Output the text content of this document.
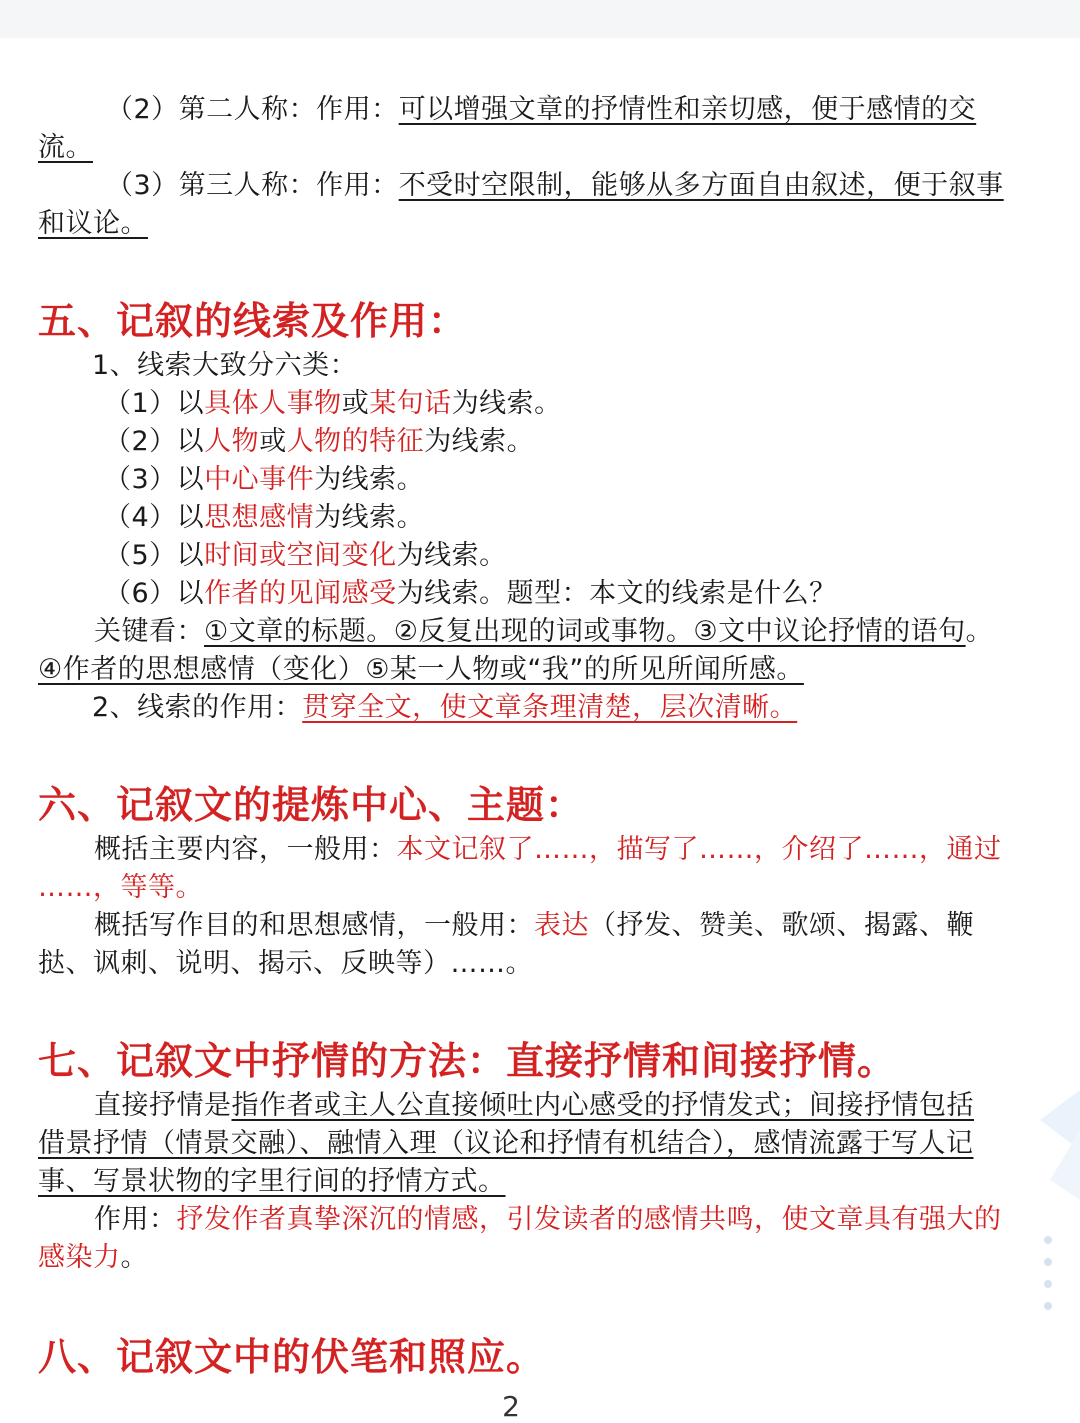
（2）第二人称：作用：可以增强文章的抒情性和亲切感，便于感情的交
流。
（3）第三人称：作用：不受时空限制，能够从多方面自由叙述，便于叙事
和议论。
五、记叙的线索及作用：
1、线索大致分六类：
（1）以具体人事物或某句话为线索。
（2）以人物或人物的特征为线索。
（3）以中心事件为线索。
（4）以思想感情为线索。
（5）以时间或空间变化为线索。
（6）以作者的见闻感受为线索。题型：本文的线索是什么？
关键看：①文章的标题。②反复出现的词或事物。③文中议论抒情的语句。
④作者的思想感情（变化）⑤某一人物或“我”的所见所闻所感。
2、线索的作用：贯穿全文，使文章条理清楚，层次清晰。
六、记叙文的提炼中心、主题：
概括主要内容，一般用：本文记叙了……，描写了……，介绍了……，通过
……，等等。
概括写作目的和思想感情，一般用：表达（抒发、赞美、歌颂、揭露、鞭
挞、讽刺、说明、揭示、反映等）……。
七、记叙文中抒情的方法：直接抒情和间接抒情。
直接抒情是指作者或主人公直接倾吐内心感受的抒情发式；间接抒情包括
借景抒情（情景交融）、融情入理（议论和抒情有机结合），感情流露于写人记
事、写景状物的字里行间的抒情方式。
作用：抒发作者真挚深沉的情感，引发读者的感情共鸣，使文章具有强大的
感染力。
八、记叙文中的伏笔和照应。
2
